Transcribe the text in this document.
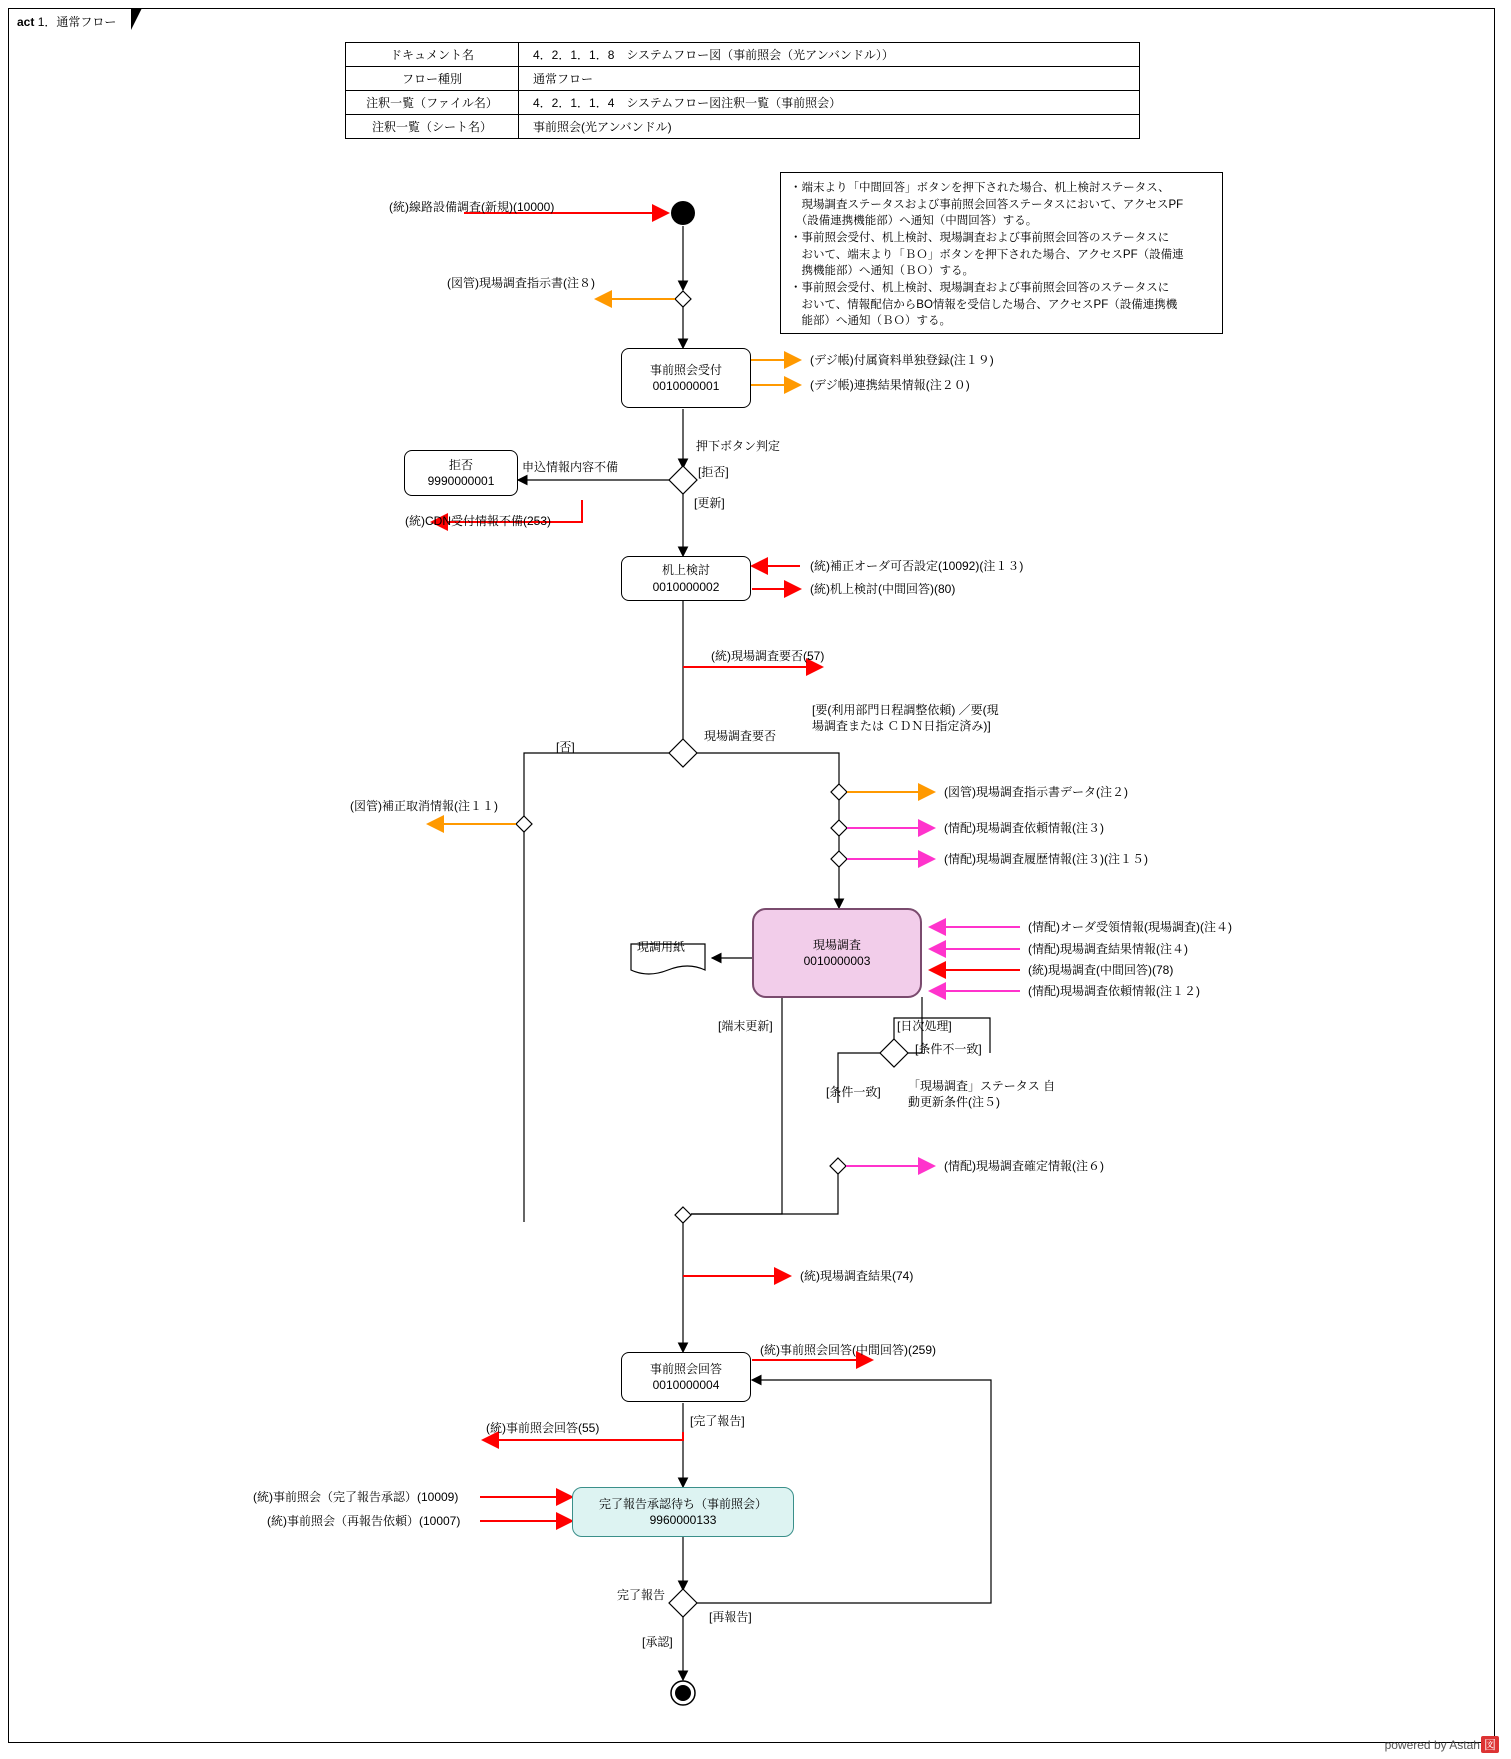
act 1．通常フロー
ドキュメント名	4．2．1．1．8　システムフロー図（事前照会（光アンバンドル））
フロー種別	通常フロー
注釈一覧（ファイル名）	4．2．1．1．4　システムフロー図注釈一覧（事前照会）
注釈一覧（シート名）	事前照会(光アンバンドル)
・端末より「中間回答」ボタンを押下された場合、机上検討ステータス、
　現場調査ステータスおよび事前照会回答ステータスにおいて、アクセスPF
　（設備連携機能部）へ通知（中間回答）する。
・事前照会受付、机上検討、現場調査および事前照会回答のステータスに
　おいて、端末より「ＢＯ」ボタンを押下された場合、アクセスPF（設備連
　携機能部）へ通知（ＢＯ）する。
・事前照会受付、机上検討、現場調査および事前照会回答のステータスに
　おいて、情報配信からBO情報を受信した場合、アクセスPF（設備連携機
　能部）へ通知（ＢＯ）する。
事前照会受付
0010000001
拒否
9990000001
机上検討
0010000002
現場調査
0010000003
現調用紙
事前照会回答
0010000004
完了報告承認待ち（事前照会）
9960000133
(統)線路設備調査(新規)(10000)
(図管)現場調査指示書(注８)
(デジ帳)付属資料単独登録(注１９)
(デジ帳)連携結果情報(注２０)
押下ボタン判定
申込情報内容不備	[拒否]
[更新]
(統)CDN受付情報不備(253)
(統)補正オーダ可否設定(10092)(注１３)
(統)机上検討(中間回答)(80)
(統)現場調査要否(57)
現場調査要否
[否]
[要(利用部門日程調整依頼) ／要(現場調査または ＣＤＮ日指定済み)]
(図管)補正取消情報(注１１)
(図管)現場調査指示書データ(注２)
(情配)現場調査依頼情報(注３)
(情配)現場調査履歴情報(注３)(注１５)
(情配)オーダ受領情報(現場調査)(注４)
(情配)現場調査結果情報(注４)
(統)現場調査(中間回答)(78)
(情配)現場調査依頼情報(注１２)
[端末更新]	[日次処理]
[条件不一致]
[条件一致] 「現場調査」ステータス 自動更新条件(注５)
(情配)現場調査確定情報(注６)
(統)現場調査結果(74)
(統)事前照会回答(中間回答)(259)
[完了報告]
(統)事前照会回答(55)
(統)事前照会（完了報告承認）(10009)
(統)事前照会（再報告依頼）(10007)
完了報告
[再報告]
[承認]
powered by Astah 図
